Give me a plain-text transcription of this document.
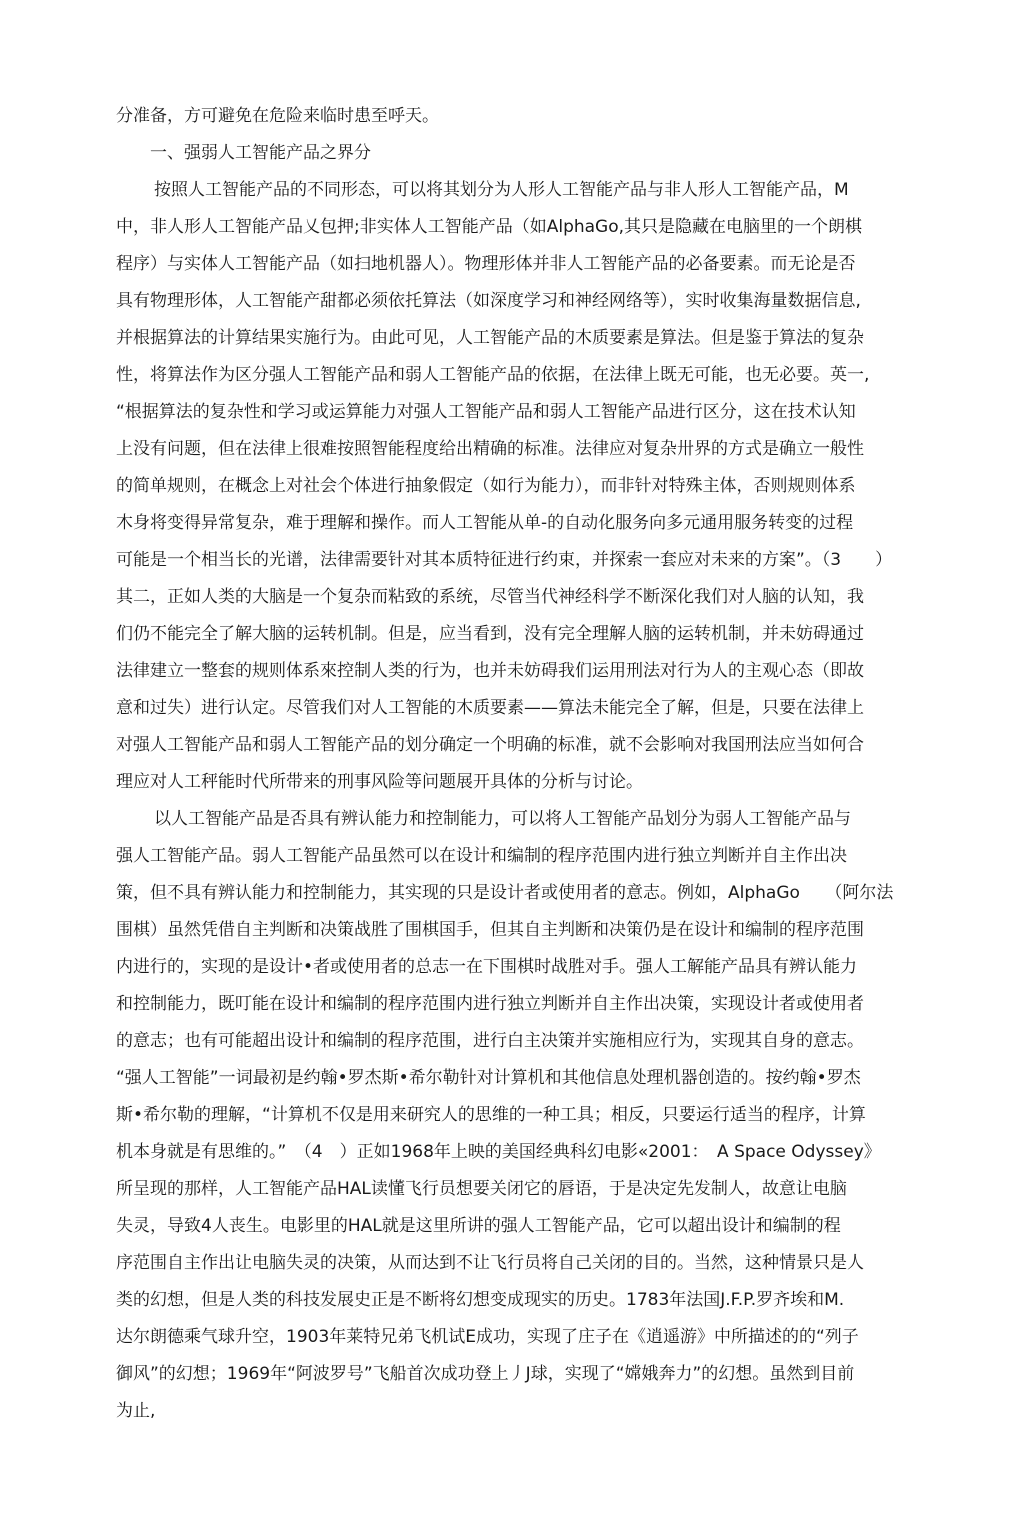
分准备，方可避免在危险来临时患至呼天。
一、强弱人工智能产品之界分
按照人工智能产品的不同形态，可以将其划分为人形人工智能产品与非人形人工智能产品，M
中，非人形人工智能产品乂包押;非实体人工智能产品（如AlphaGo,其只是隐藏在电脑里的一个朗棋
程序）与实体人工智能产品（如扫地机器人）。物理形体并非人工智能产品的必备要素。而无论是否
具有物理形体，人工智能产甜都必须依托算法（如深度学习和神经网络等），实时收集海量数据信息,
并根据算法的计算结果实施行为。由此可见，人工智能产品的木质要素是算法。但是鉴于算法的复杂
性，将算法作为区分强人工智能产品和弱人工智能产品的依据，在法律上既无可能，也无必要。英一,
“根据算法的复杂性和学习或运算能力对强人工智能产品和弱人工智能产品进行区分，这在技术认知
上没有问题，但在法律上很难按照智能程度给出精确的标准。法律应对复杂卅界的方式是确立一般性
的简单规则，在概念上对社会个体进行抽象假定（如行为能力），而非针对特殊主体，否则规则体系
木身将变得异常复杂，难于理解和操作。而人工智能从单-的自动化服务向多元通用服务转变的过程
可能是一个相当长的光谱，法律需要针对其本质特征进行约束，并探索一套应对未来的方案”。（3　　）
其二，正如人类的大脑是一个复杂而粘致的系统，尽管当代神经科学不断深化我们对人脑的认知，我
们仍不能完全了解大脑的运转机制。但是，应当看到，没有完全理解人脑的运转机制，并未妨碍通过
法律建立一整套的规则体系來控制人类的行为，也并未妨碍我们运用刑法对行为人的主观心态（即故
意和过失）进行认定。尽管我们对人工智能的木质要素——算法未能完全了解，但是，只要在法律上
对强人工智能产品和弱人工智能产品的划分确定一个明确的标准，就不会影响对我国刑法应当如何合
理应对人工秤能时代所带来的刑事风险等问题展开具体的分析与讨论。
以人工智能产品是否具有辨认能力和控制能力，可以将人工智能产品划分为弱人工智能产品与
强人工智能产品。弱人工智能产品虽然可以在设计和编制的程序范围内进行独立判断并自主作出决
策，但不具有辨认能力和控制能力，其实现的只是设计者或使用者的意志。例如，AlphaGo　　（阿尔法
围棋）虽然凭借自主判断和决策战胜了围棋国手，但其自主判断和决策仍是在设计和编制的程序范围
内进行的，实现的是设计•者或使用者的总志一在下围棋时战胜对手。强人工解能产品具有辨认能力
和控制能力，既叮能在设计和编制的程序范围内进行独立判断并自主作出决策，实现设计者或使用者
的意志；也有可能超出设计和编制的程序范围，进行白主决策并实施相应行为，实现其自身的意志。
“强人工智能”一词最初是约翰•罗杰斯•希尔勒针对计算机和其他信息处理机器创造的。按约翰•罗杰
斯•希尔勒的理解，“计算机不仅是用来研究人的思维的一种工具；相反，只要运行适当的程序，计算
机本身就是有思维的。”　（4　）正如1968年上映的美国经典科幻电影«2001：　A Space Odyssey》
所呈现的那样，人工智能产品HAL读懂飞行员想要关闭它的唇语，于是决定先发制人，故意让电脑
失灵，导致4人丧生。电影里的HAL就是这里所讲的强人工智能产品，它可以超出设计和编制的程
序范围自主作出让电脑失灵的决策，从而达到不让飞行员将自己关闭的目的。当然，这种情景只是人
类的幻想，但是人类的科技发展史正是不断将幻想变成现实的历史。1783年法国J.F.P.罗齐埃和M.
达尔朗德乘气球升空，1903年莱特兄弟飞机试E成功，实现了庄子在《逍遥游》中所描述的的“列子
御风”的幻想；1969年“阿波罗号”飞船首次成功登上丿J球，实现了“嫦娥奔力”的幻想。虽然到目前
为止,
